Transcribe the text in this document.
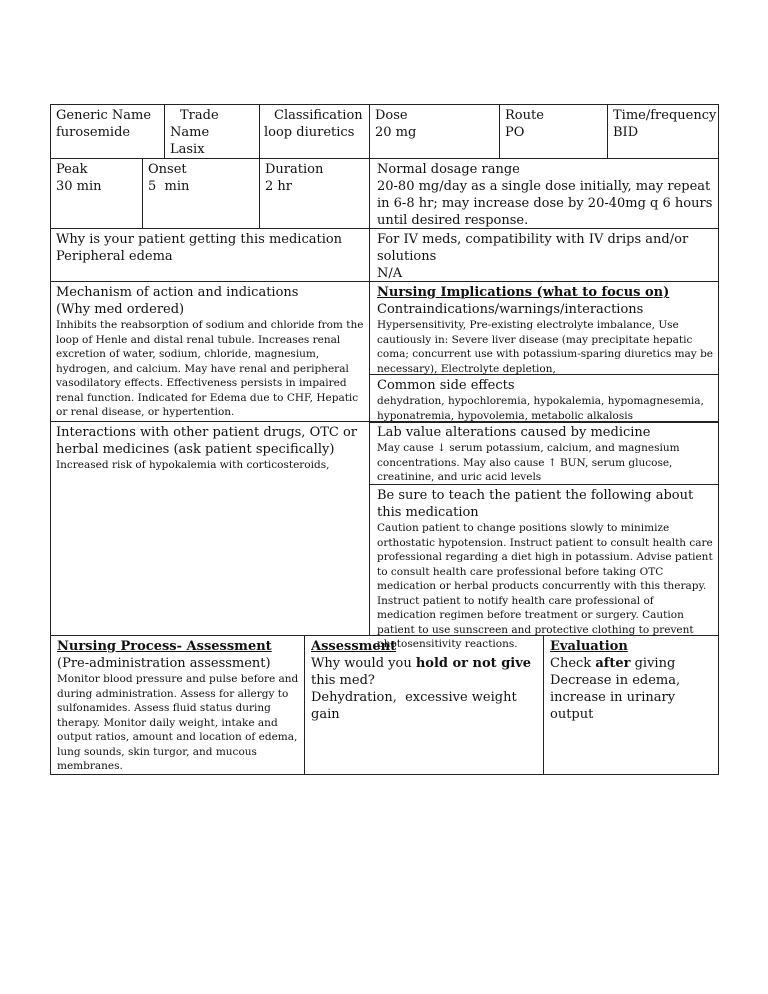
Generic Name
furosemide
Trade
Name
Lasix
Classification
loop diuretics
Dose
20 mg
Route
PO
Time/frequency
BID
Peak
30 min
Onset
5  min
Duration
2 hr
Normal dosage range
20-80 mg/day as a single dose initially, may repeat in 6-8 hr; may increase dose by 20-40mg q 6 hours until desired response.
Why is your patient getting this medication
Peripheral edema
For IV meds, compatibility with IV drips and/or solutions
N/A
Mechanism of action and indications
(Why med ordered)
Inhibits the reabsorption of sodium and chloride from the loop of Henle and distal renal tubule. Increases renal excretion of water, sodium, chloride, magnesium, hydrogen, and calcium. May have renal and peripheral vasodilatory effects. Effectiveness persists in impaired renal function. Indicated for Edema due to CHF, Hepatic or renal disease, or hypertention.
Nursing Implications (what to focus on)
Contraindications/warnings/interactions
Hypersensitivity, Pre-existing electrolyte imbalance, Use cautiously in: Severe liver disease (may precipitate hepatic coma; concurrent use with potassium-sparing diuretics may be necessary), Electrolyte depletion,
Common side effects
dehydration, hypochloremia, hypokalemia, hypomagnesemia, hyponatremia, hypovolemia, metabolic alkalosis
Interactions with other patient drugs, OTC or herbal medicines (ask patient specifically)
Increased risk of hypokalemia with corticosteroids,
Lab value alterations caused by medicine
May cause ↓ serum potassium, calcium, and magnesium concentrations. May also cause ↑ BUN, serum glucose, creatinine, and uric acid levels
Be sure to teach the patient the following about this medication
Caution patient to change positions slowly to minimize orthostatic hypotension. Instruct patient to consult health care professional regarding a diet high in potassium. Advise patient to consult health care professional before taking OTC medication or herbal products concurrently with this therapy. Instruct patient to notify health care professional of medication regimen before treatment or surgery. Caution patient to use sunscreen and protective clothing to prevent photosensitivity reactions.
Nursing Process- Assessment
(Pre-administration assessment)
Monitor blood pressure and pulse before and during administration. Assess for allergy to sulfonamides. Assess fluid status during therapy. Monitor daily weight, intake and output ratios, amount and location of edema, lung sounds, skin turgor, and mucous membranes.
Assessment
Why would you hold or not give this med?
Dehydration,  excessive weight gain
Evaluation
Check after giving
Decrease in edema, increase in urinary output
